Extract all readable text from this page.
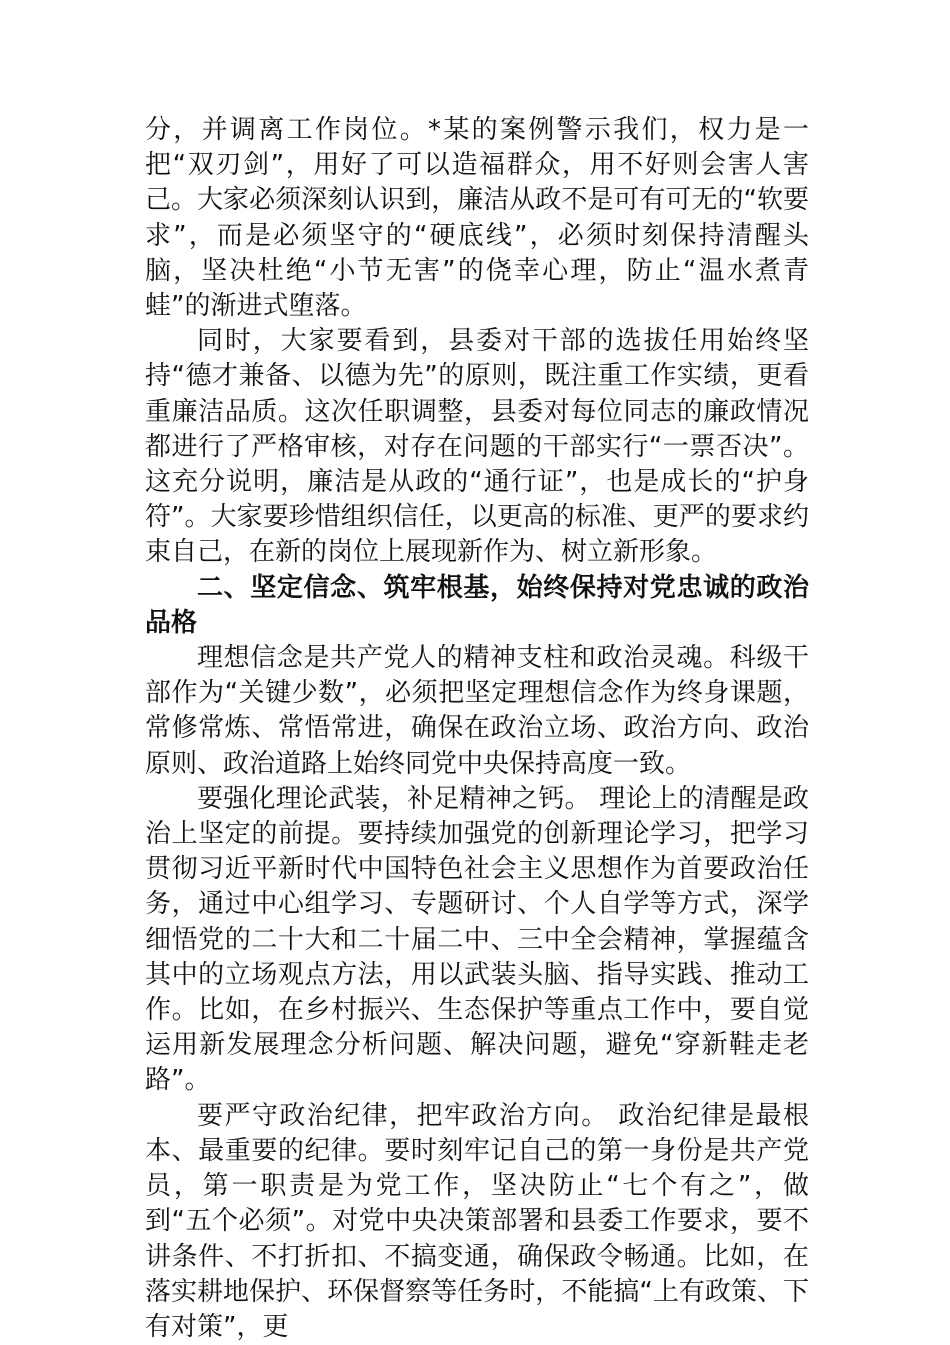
分，并调离工作岗位。*某的案例警示我们，权力是一把“双刃剑”，用好了可以造福群众，用不好则会害人害己。大家必须深刻认识到，廉洁从政不是可有可无的“软要求”，而是必须坚守的“硬底线”，必须时刻保持清醒头脑，坚决杜绝“小节无害”的侥幸心理，防止“温水煮青蛙”的渐进式堕落。

同时，大家要看到，县委对干部的选拔任用始终坚持“德才兼备、以德为先”的原则，既注重工作实绩，更看重廉洁品质。这次任职调整，县委对每位同志的廉政情况都进行了严格审核，对存在问题的干部实行“一票否决”。这充分说明，廉洁是从政的“通行证”，也是成长的“护身符”。大家要珍惜组织信任，以更高的标准、更严的要求约束自己，在新的岗位上展现新作为、树立新形象。

二、坚定信念、筑牢根基，始终保持对党忠诚的政治品格

理想信念是共产党人的精神支柱和政治灵魂。科级干部作为“关键少数”，必须把坚定理想信念作为终身课题，常修常炼、常悟常进，确保在政治立场、政治方向、政治原则、政治道路上始终同党中央保持高度一致。

要强化理论武装，补足精神之钙。 理论上的清醒是政治上坚定的前提。要持续加强党的创新理论学习，把学习贯彻习近平新时代中国特色社会主义思想作为首要政治任务，通过中心组学习、专题研讨、个人自学等方式，深学细悟党的二十大和二十届二中、三中全会精神，掌握蕴含其中的立场观点方法，用以武装头脑、指导实践、推动工作。比如，在乡村振兴、生态保护等重点工作中，要自觉运用新发展理念分析问题、解决问题，避免“穿新鞋走老路”。

要严守政治纪律，把牢政治方向。 政治纪律是最根本、最重要的纪律。要时刻牢记自己的第一身份是共产党员，第一职责是为党工作，坚决防止“七个有之”，做到“五个必须”。对党中央决策部署和县委工作要求，要不讲条件、不打折扣、不搞变通，确保政令畅通。比如，在落实耕地保护、环保督察等任务时，不能搞“上有政策、下有对策”，更
